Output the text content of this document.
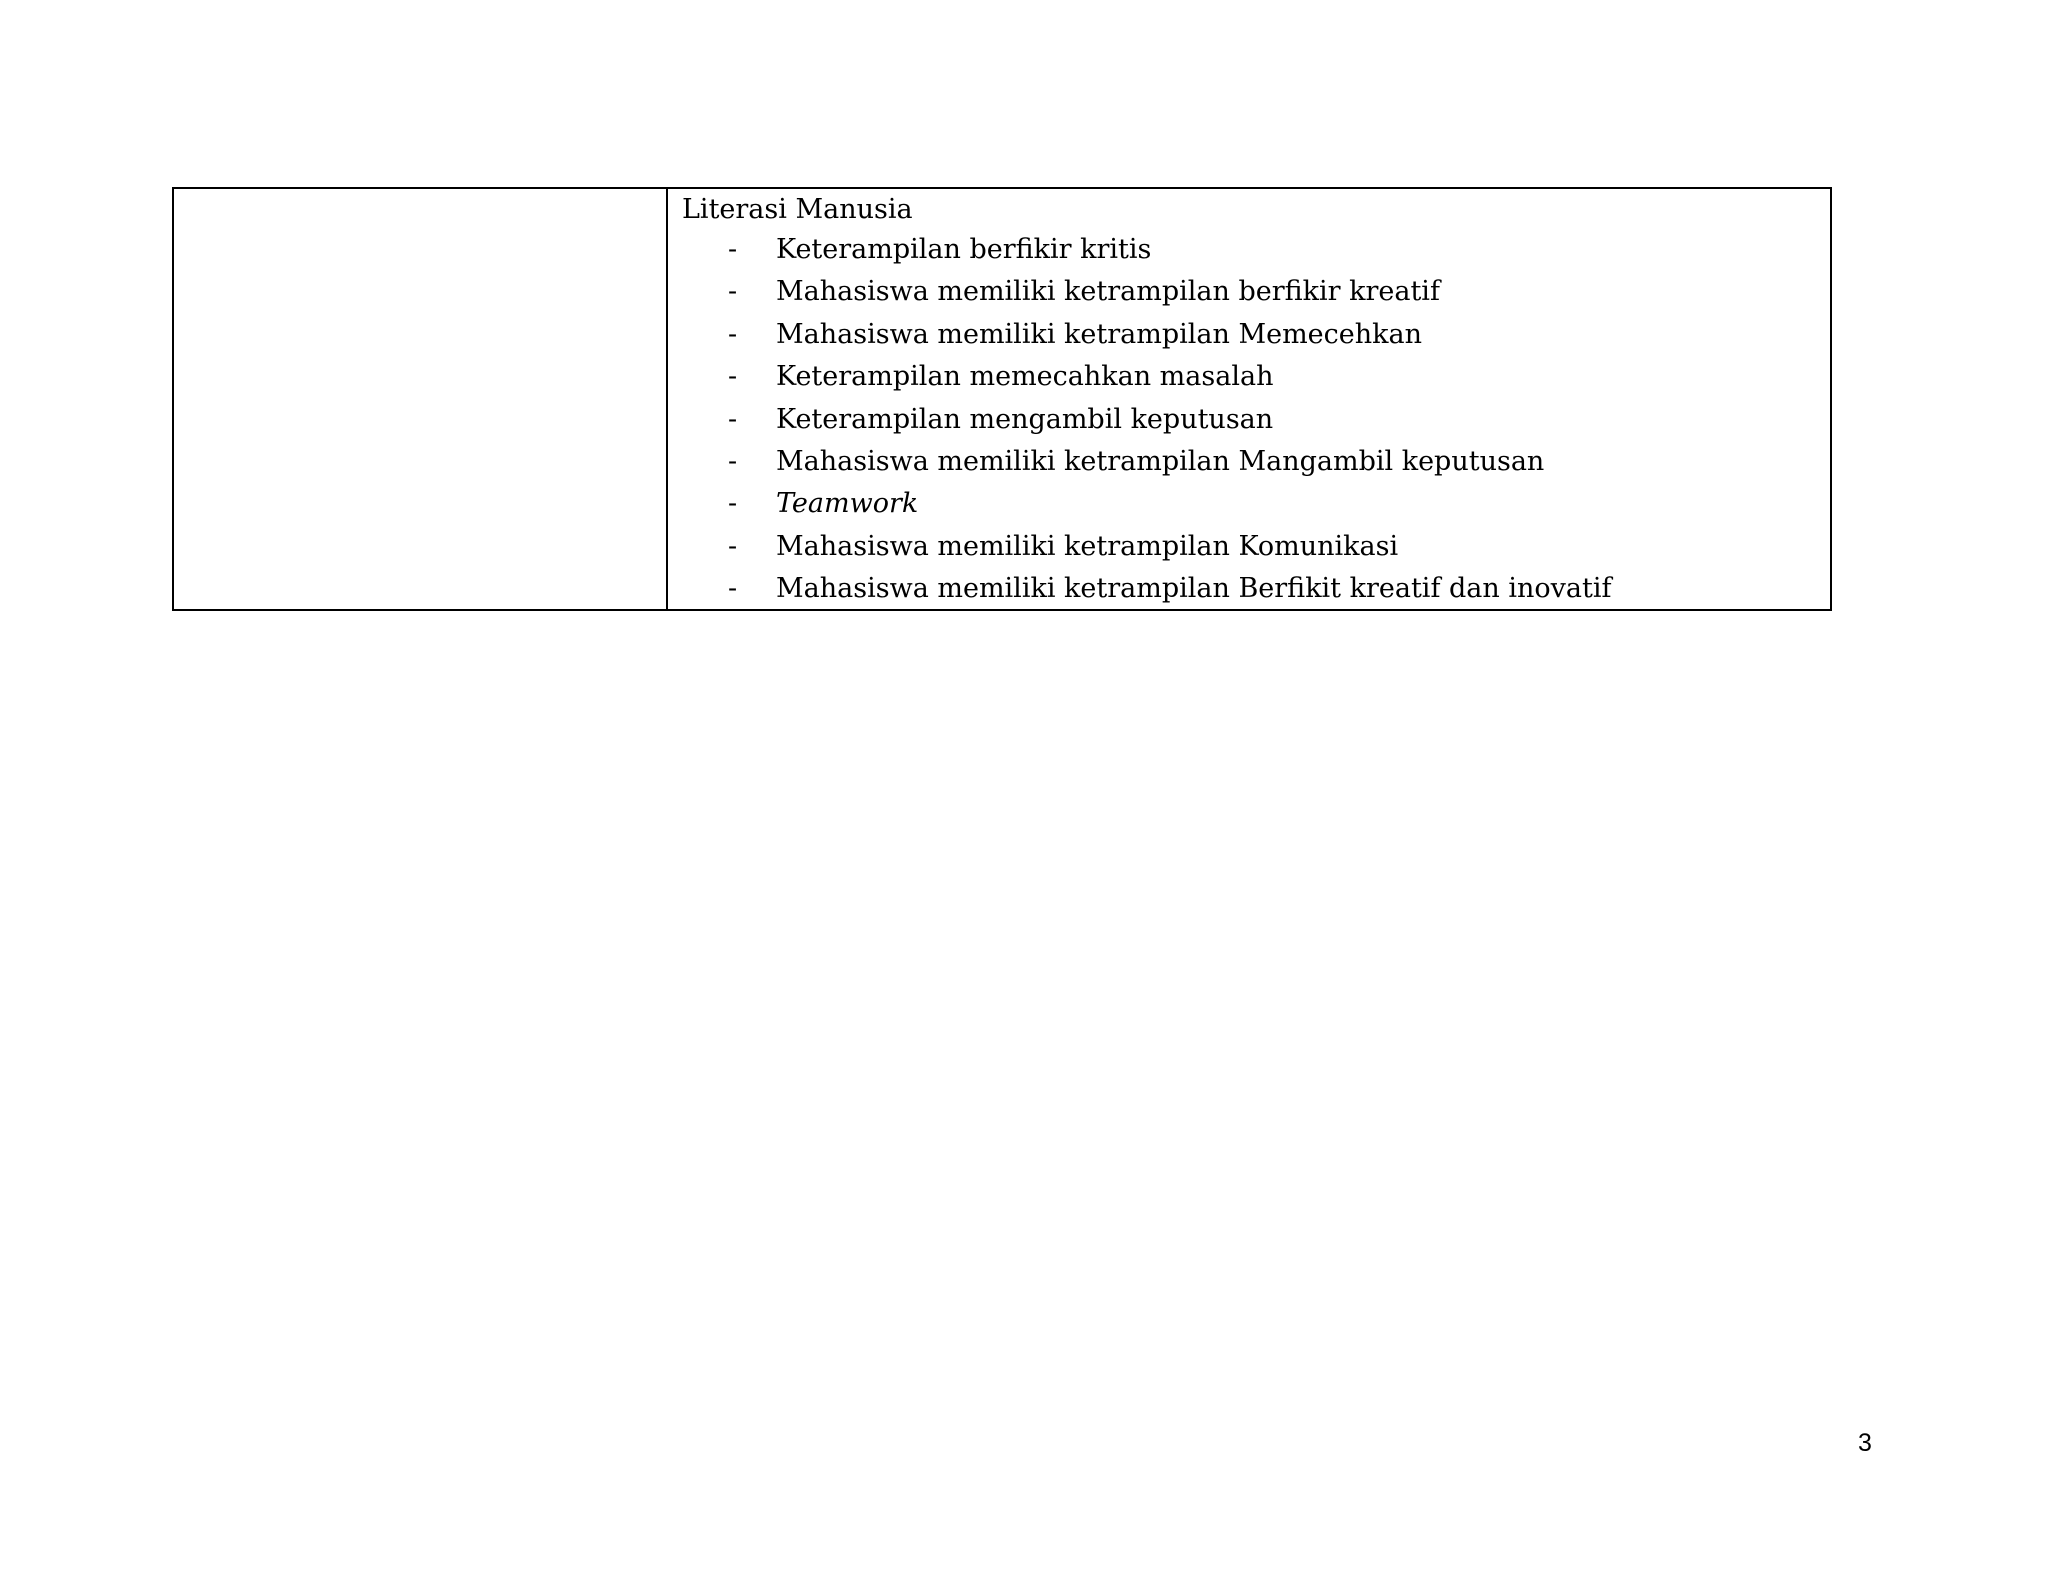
Literasi Manusia

- Keterampilan berfikir kritis
- Mahasiswa memiliki ketrampilan berfikir kreatif
- Mahasiswa memiliki ketrampilan Memecehkan
- Keterampilan memecahkan masalah
- Keterampilan mengambil keputusan
- Mahasiswa memiliki ketrampilan Mangambil keputusan
- Teamwork
- Mahasiswa memiliki ketrampilan Komunikasi
- Mahasiswa memiliki ketrampilan Berfikit kreatif dan inovatif
3
